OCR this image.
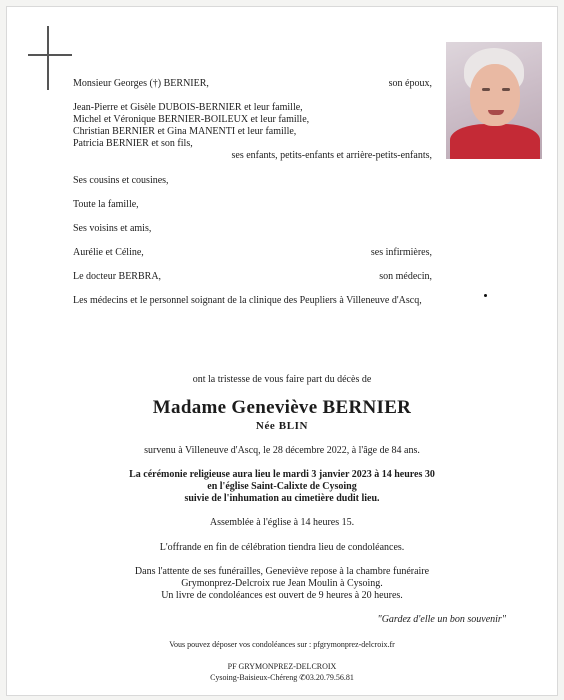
Monsieur Georges (†) BERNIER,	son époux,
Jean-Pierre et Gisèle DUBOIS-BERNIER et leur famille,
Michel et Véronique BERNIER-BOILEUX et leur famille,
Christian BERNIER et Gina MANENTI et leur famille,
Patricia BERNIER et son fils,
ses enfants, petits-enfants et arrière-petits-enfants,
Ses cousins et cousines,
Toute la famille,
Ses voisins et amis,
Aurélie et Céline,	ses infirmières,
Le docteur BERBRA,	son médecin,
Les médecins et le personnel soignant de la clinique des Peupliers à Villeneuve d'Ascq,
ont la tristesse de vous faire part du décès de
Madame Geneviève BERNIER
Née BLIN
survenu à Villeneuve d'Ascq, le 28 décembre 2022, à l'âge de 84 ans.
La cérémonie religieuse aura lieu le mardi 3 janvier 2023 à 14 heures 30
en l'église Saint-Calixte de Cysoing
suivie de l'inhumation au cimetière dudit lieu.
Assemblée à l'église à 14 heures 15.
L'offrande en fin de célébration tiendra lieu de condoléances.
Dans l'attente de ses funérailles, Geneviève repose à la chambre funéraire
Grymonprez-Delcroix rue Jean Moulin à Cysoing.
Un livre de condoléances est ouvert de 9 heures à 20 heures.
"Gardez d'elle un bon souvenir"
Vous pouvez déposer vos condoléances sur : pfgrymonprez-delcroix.fr
PF GRYMONPREZ-DELCROIX
Cysoing-Baisieux-Chéreng ✆03.20.79.56.81
